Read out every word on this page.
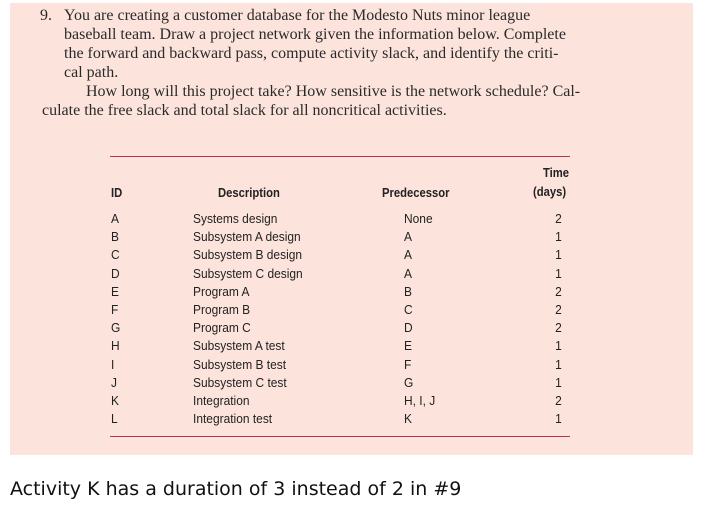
9. You are creating a customer database for the Modesto Nuts minor league
baseball team. Draw a project network given the information below. Complete
the forward and backward pass, compute activity slack, and identify the criti-
cal path.

How long will this project take? How sensitive is the network schedule? Cal-
culate the free slack and total slack for all noncritical activities.

ID	Description	Predecessor
Time
(days)
A
B
C
D
E
F
G
H
I
J
K
L
Systems design
Subsystem A design
Subsystem B design
Subsystem C design
Program A
Program B
Program C
Subsystem A test
Subsystem B test
Subsystem C test
Integration
Integration test
None
A
A
A
B
C
D
E
F
G
H, I, J
K
2
1
1
1
2
2
2
1
1
1
2
1
Activity K has a duration of 3 instead of 2 in #9
